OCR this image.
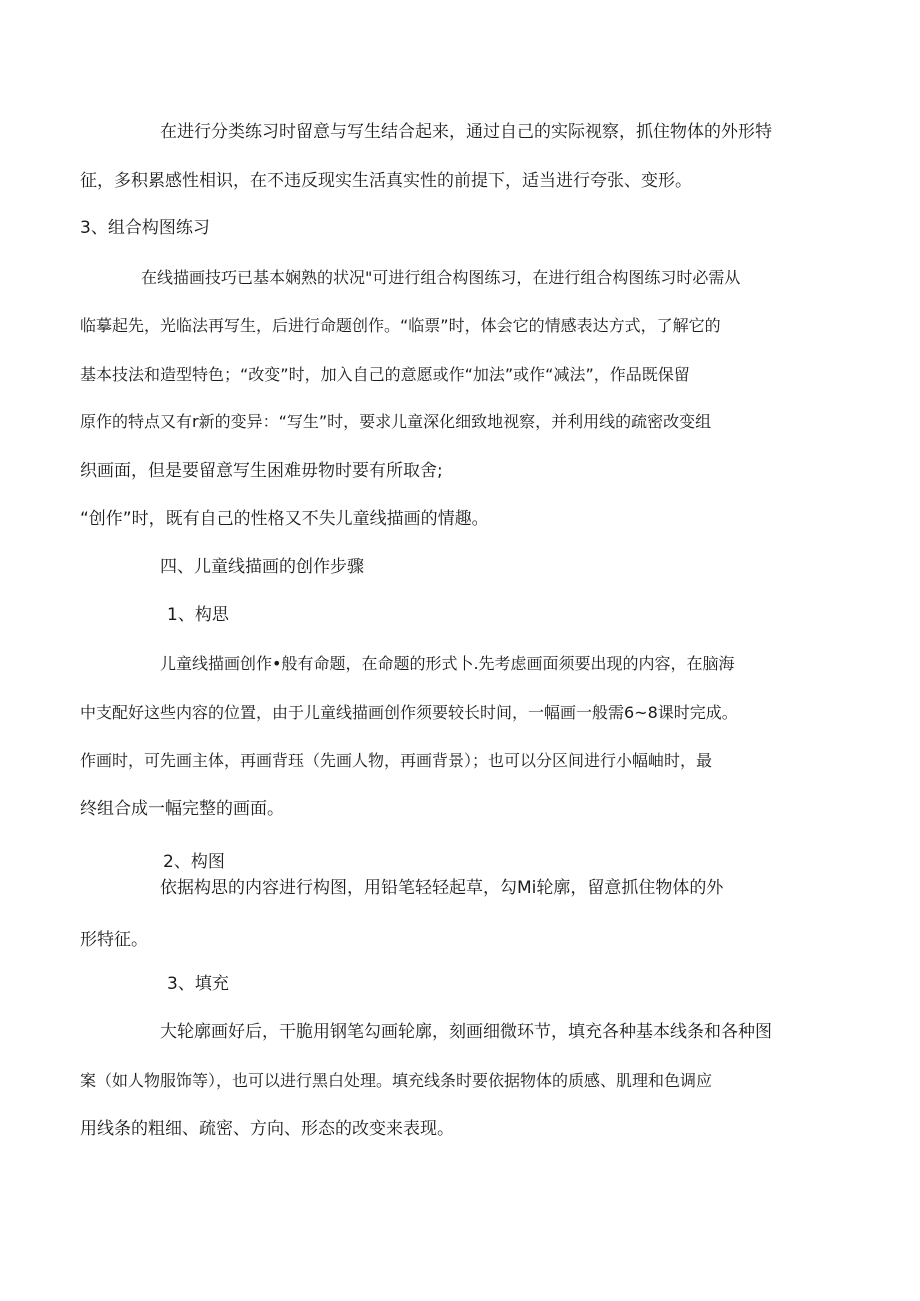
在进行分类练习时留意与写生结合起来，通过自己的实际视察，抓住物体的外形特
征，多积累感性相识，在不违反现实生活真实性的前提下，适当进行夸张、变形。
3、组合构图练习
在线描画技巧已基本娴熟的状况"可进行组合构图练习，在进行组合构图练习时必需从
临摹起先，光临法再写生，后进行命题创作。“临票”时，体会它的情感表达方式，了解它的
基本技法和造型特色；“改变”时，加入自己的意愿或作“加法”或作“减法”，作品既保留
原作的特点又有r新的变异：“写生”时，要求儿童深化细致地视察，并利用线的疏密改变组
织画面，但是要留意写生困难毋物时要有所取舍;
“创作”时，既有自己的性格又不失儿童线描画的情趣。
四、儿童线描画的创作步骤
1、构思
儿童线描画创作•般有命题，在命题的形式卜.先考虑画面须要出现的内容，在脑海
中支配好这些内容的位置，由于儿童线描画创作须要较长时间，一幅画一般需6~8课时完成。
作画时，可先画主体，再画背珏（先画人物，再画背景）；也可以分区间进行小幅岫时，最
终组合成一幅完整的画面。
2、构图
依据构思的内容进行构图，用铅笔轻轻起草，勾Mi轮廓，留意抓住物体的外
形特征。
3、填充
大轮廓画好后，干脆用钢笔勾画轮廓，刻画细微环节，填充各种基本线条和各种图
案（如人物服饰等），也可以进行黑白处理。填充线条时要依据物体的质感、肌理和色调应
用线条的粗细、疏密、方向、形态的改变来表现。
